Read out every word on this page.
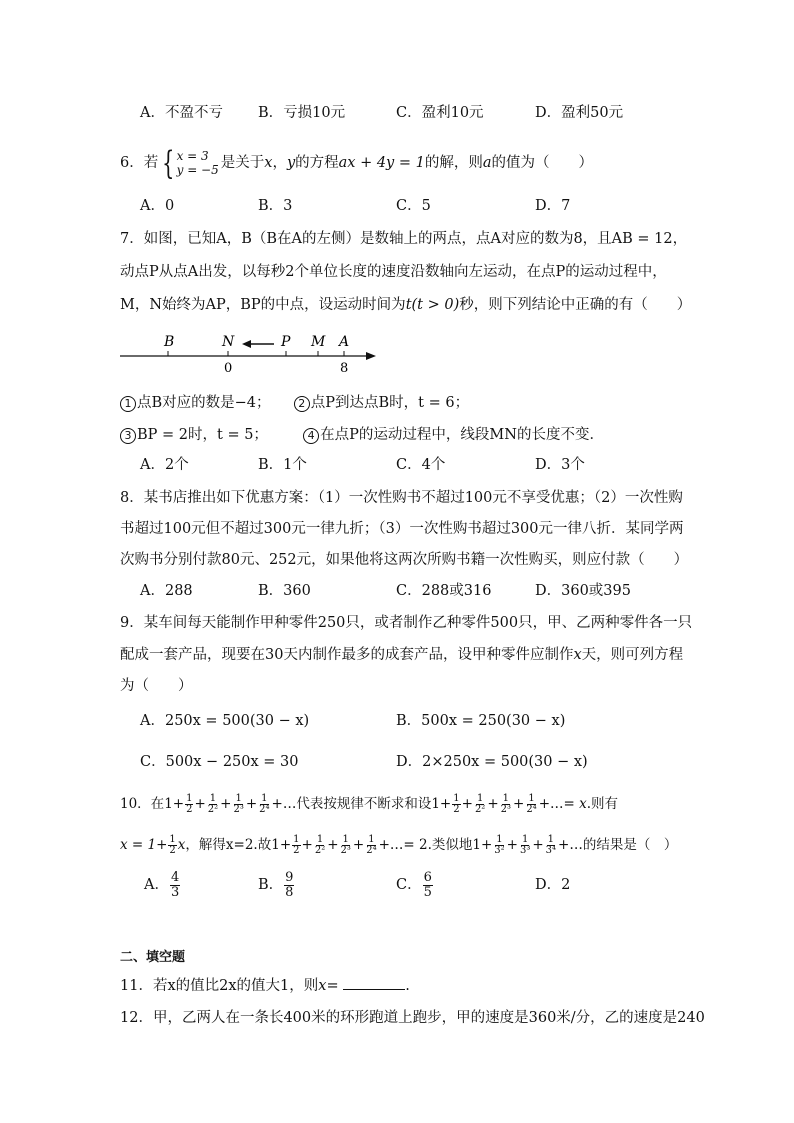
A．不盈不亏 B．亏损10元	C．盈利10元	D．盈利50元
6．若 { x = 3
y = −5 是关于x，y的方程ax + 4y = 1的解，则a的值为（　　）
A．0	B．3	C．5	D．7
7．如图，已知A，B（B在A的左侧）是数轴上的两点，点A对应的数为8，且AB = 12，
动点P从点A出发，以每秒2个单位长度的速度沿数轴向左运动，在点P的运动过程中，
M，N始终为AP，BP的中点，设运动时间为t(t > 0)秒，则下列结论中正确的有（　　）
B	N	P M A
0	8
1 点B对应的数是−4；	2 点P到达点B时，t = 6；
3 BP = 2时，t = 5；	4 在点P的运动过程中，线段MN的长度不变．
A．2个	B．1个	C．4个	D．3个
8．某书店推出如下优惠方案：（1）一次性购书不超过100元不享受优惠；（2）一次性购
书超过100元但不超过300元一律九折；（3）一次性购书超过300元一律八折．某同学两
次购书分别付款80元、252元，如果他将这两次所购书籍一次性购买，则应付款（　　）
A．288	B．360	C．288或316	D．360或395
9．某车间每天能制作甲种零件250只，或者制作乙种零件500只，甲、乙两种零件各一只
配成一套产品，现要在30天内制作最多的成套产品，设甲种零件应制作x天，则可列方程
为（　　）
A．250x = 500(30 − x)	B．500x = 250(30 − x)
C．500x − 250x = 30	D．2×250x = 500(30 − x)
10．在$1+ \frac{1}{2} + \frac{1}{\text{2²}} + \frac{1}{\text{2³}} + \frac{1}{\text{2⁴}}$ +…代表按规律不断求和设$1+ \frac{1}{2} + \frac{1}{\text{2²}} + \frac{1}{\text{2³}} + \frac{1}{\text{2⁴}}$ +…= x.则有
$x = 1+ \frac{1}{2}$ x，解得x=2.故$1+ \frac{1}{2} + \frac{1}{\text{2²}} + \frac{1}{\text{2³}} + \frac{1}{\text{2⁴}}$ +…= 2.类似地$1+ \frac{1}{\text{3²}} + \frac{1}{\text{3³}} + \frac{1}{\text{3⁴}}$ +…的结果是（　）
A． $\frac{4}{3}$	B． $\frac{9}{8}$	C． $\frac{6}{5}$	D．2
二、填空题
11．若x的值比2x的值大1，则x=	.
12．甲，乙两人在一条长400米的环形跑道上跑步，甲的速度是360米/分，乙的速度是240
